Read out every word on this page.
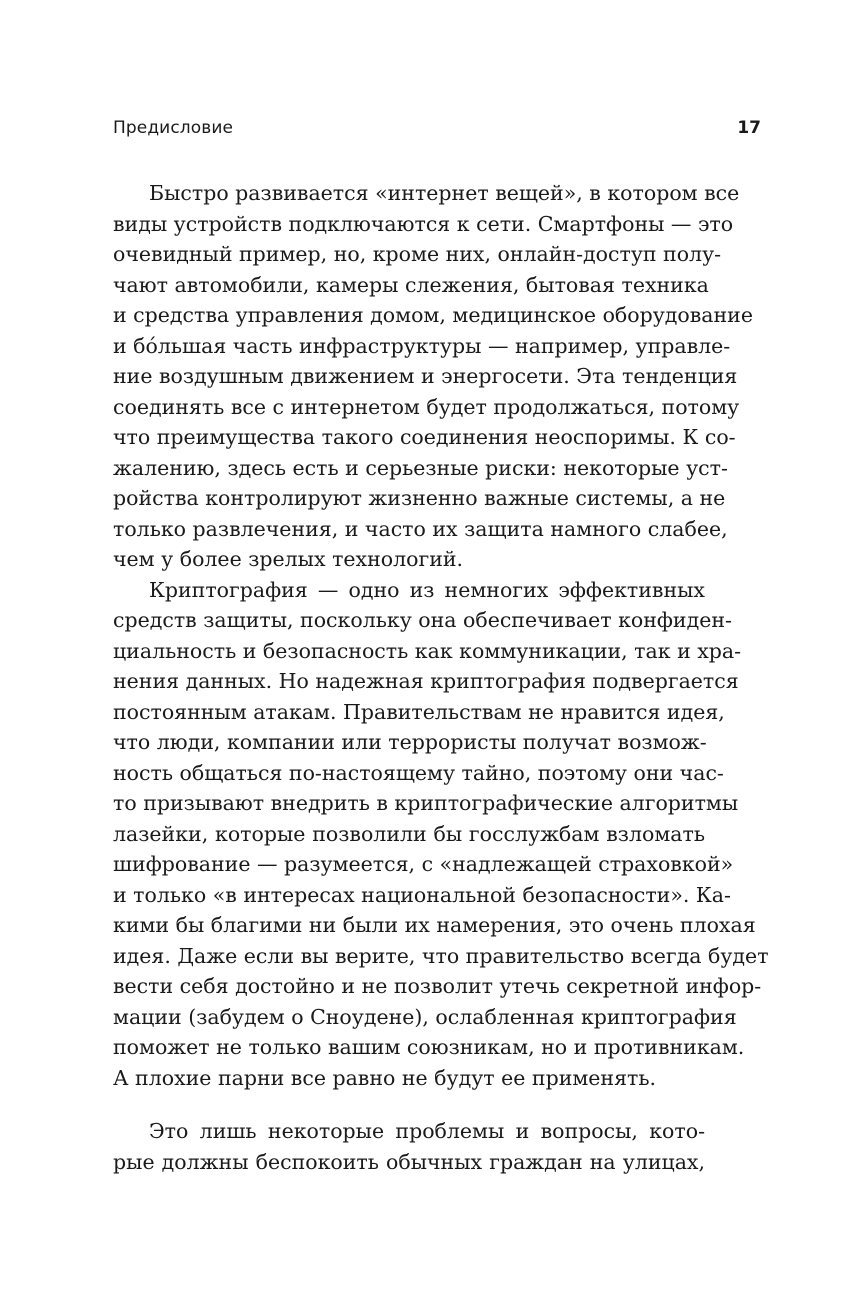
Предисловие	17

Быстро развивается «интернет вещей», в котором все
виды устройств подключаются к сети. Смартфоны — это
очевидный пример, но, кроме них, онлайн-доступ полу-
чают автомобили, камеры слежения, бытовая техника
и средства управления домом, медицинское оборудование
и бóльшая часть инфраструктуры — например, управле-
ние воздушным движением и энергосети. Эта тенденция
соединять все с интернетом будет продолжаться, потому
что преимущества такого соединения неоспоримы. К со-
жалению, здесь есть и серьезные риски: некоторые уст-
ройства контролируют жизненно важные системы, а не
только развлечения, и часто их защита намного слабее,
чем у более зрелых технологий.

Криптография — одно из немногих эффективных
средств защиты, поскольку она обеспечивает конфиден-
циальность и безопасность как коммуникации, так и хра-
нения данных. Но надежная криптография подвергается
постоянным атакам. Правительствам не нравится идея,
что люди, компании или террористы получат возмож-
ность общаться по-настоящему тайно, поэтому они час-
то призывают внедрить в криптографические алгоритмы
лазейки, которые позволили бы госслужбам взломать
шифрование — разумеется, с «надлежащей страховкой»
и только «в интересах национальной безопасности». Ка-
кими бы благими ни были их намерения, это очень плохая
идея. Даже если вы верите, что правительство всегда будет
вести себя достойно и не позволит утечь секретной инфор-
мации (забудем о Сноудене), ослабленная криптография
поможет не только вашим союзникам, но и противникам.
А плохие парни все равно не будут ее применять.

Это лишь некоторые проблемы и вопросы, кото-
рые должны беспокоить обычных граждан на улицах,
